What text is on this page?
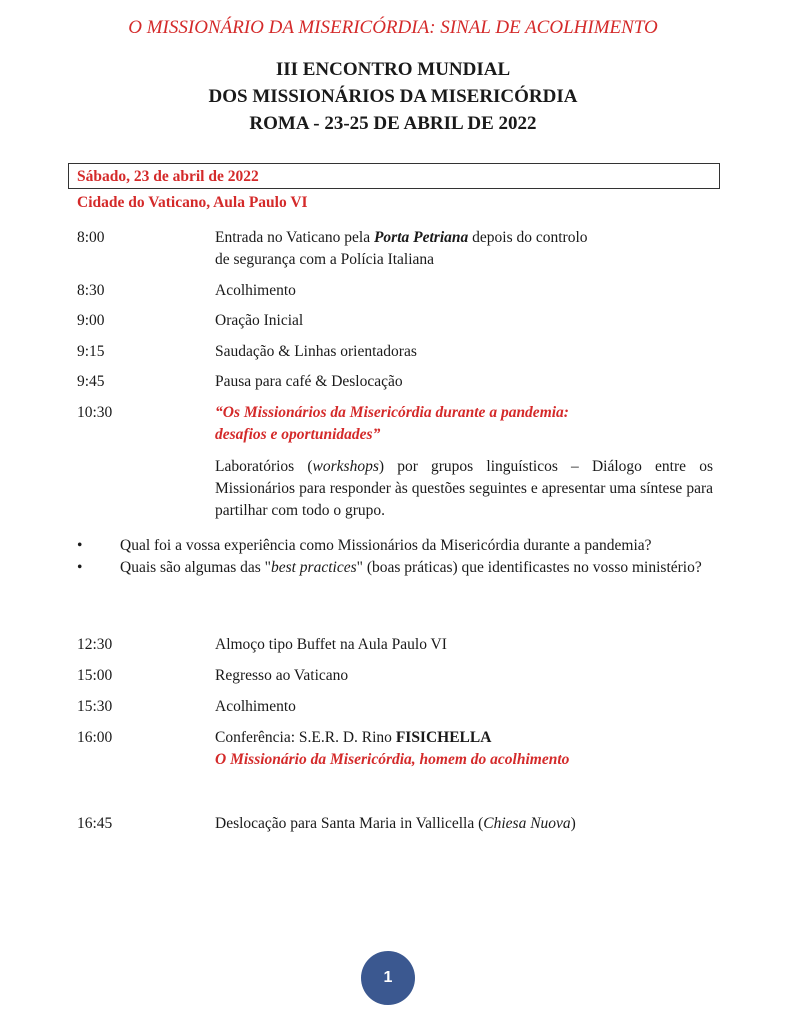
O MISSIONÁRIO DA MISERICÓRDIA: SINAL DE ACOLHIMENTO
III ENCONTRO MUNDIAL
DOS MISSIONÁRIOS DA MISERICÓRDIA
ROMA - 23-25 DE ABRIL DE 2022
Sábado, 23 de abril de 2022
Cidade do Vaticano, Aula Paulo VI
8:00	Entrada no Vaticano pela Porta Petriana depois do controlo
de segurança com a Polícia Italiana
8:30	Acolhimento
9:00	Oração Inicial
9:15	Saudação & Linhas orientadoras
9:45	Pausa para café & Deslocação
10:30	“Os Missionários da Misericórdia durante a pandemia:
desafios e oportunidades”
Laboratórios (workshops) por grupos linguísticos – Diálogo entre os Missionários para responder às questões seguintes e apresentar uma síntese para partilhar com todo o grupo.
• Qual foi a vossa experiência como Missionários da Misericórdia durante a pandemia?
• Quais são algumas das "best practices" (boas práticas) que identificastes no vosso ministério?
12:30	Almoço tipo Buffet na Aula Paulo VI
15:00	Regresso ao Vaticano
15:30	Acolhimento
16:00	Conferência: S.E.R. D. Rino FISICHELLA
O Missionário da Misericórdia, homem do acolhimento
16:45	Deslocação para Santa Maria in Vallicella (Chiesa Nuova)
1
